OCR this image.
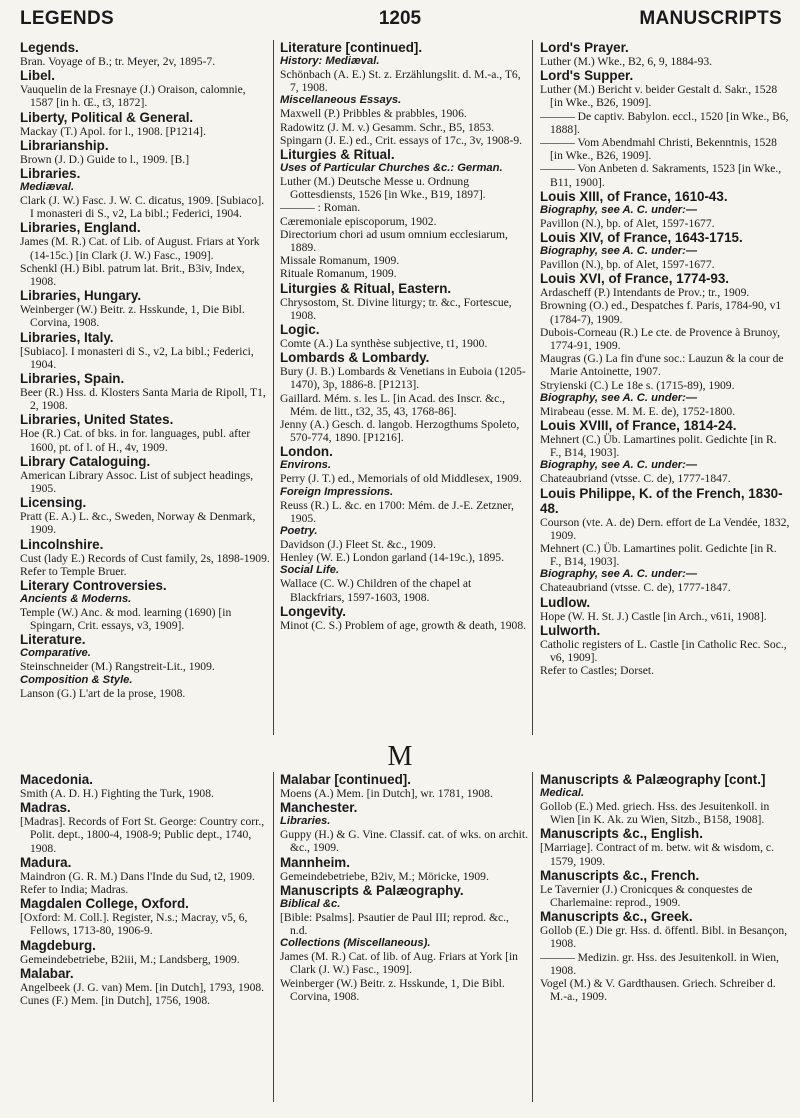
LEGENDS	1205	MANUSCRIPTS

Legends.

Bran. Voyage of B.; tr. Meyer, 2v, 1895-7.

Libel.

Vauquelin de la Fresnaye (J.) Oraison, calomnie, 1587 [in h. Œ., t3, 1872].

Liberty, Political & General.

Mackay (T.) Apol. for l., 1908. [P1214].

Librarianship.

Brown (J. D.) Guide to l., 1909. [B.]

Libraries.

Mediæval.

Clark (J. W.) Fasc. J. W. C. dicatus, 1909. [Subiaco]. I monasteri di S., v2, La bibl.; Federici, 1904.

Libraries, England.

James (M. R.) Cat. of Lib. of August. Friars at York (14-15c.) [in Clark (J. W.) Fasc., 1909].

Schenkl (H.) Bibl. patrum lat. Brit., B3iv, Index, 1908.

Libraries, Hungary.

Weinberger (W.) Beitr. z. Hsskunde, 1, Die Bibl. Corvina, 1908.

Libraries, Italy.

[Subiaco]. I monasteri di S., v2, La bibl.; Federici, 1904.

Libraries, Spain.

Beer (R.) Hss. d. Klosters Santa Maria de Ripoll, T1, 2, 1908.

Libraries, United States.

Hoe (R.) Cat. of bks. in for. languages, publ. after 1600, pt. of l. of H., 4v, 1909.

Library Cataloguing.

American Library Assoc. List of subject headings, 1905.

Licensing.

Pratt (E. A.) L. &c., Sweden, Norway & Denmark, 1909.

Lincolnshire.

Cust (lady E.) Records of Cust family, 2s, 1898-1909.

Refer to Temple Bruer.

Literary Controversies.

Ancients & Moderns.

Temple (W.) Anc. & mod. learning (1690) [in Spingarn, Crit. essays, v3, 1909].

Literature.

Comparative.

Steinschneider (M.) Rangstreit-Lit., 1909.

Composition & Style.

Lanson (G.) L'art de la prose, 1908.

Literature [continued].

History: Mediæval.

Schönbach (A. E.) St. z. Erzählungslit. d. M.-a., T6, 7, 1908.

Miscellaneous Essays.

Maxwell (P.) Pribbles & prabbles, 1906.

Radowitz (J. M. v.) Gesamm. Schr., B5, 1853.

Spingarn (J. E.) ed., Crit. essays of 17c., 3v, 1908-9.

Liturgies & Ritual.

Uses of Particular Churches &c.: German.

Luther (M.) Deutsche Messe u. Ordnung Gottesdiensts, 1526 [in Wke., B19, 1897].

——— : Roman.

Cæremoniale episcoporum, 1902.

Directorium chori ad usum omnium ecclesiarum, 1889.

Missale Romanum, 1909.

Rituale Romanum, 1909.

Liturgies & Ritual, Eastern.

Chrysostom, St. Divine liturgy; tr. &c., Fortescue, 1908.

Logic.

Comte (A.) La synthèse subjective, t1, 1900.

Lombards & Lombardy.

Bury (J. B.) Lombards & Venetians in Euboia (1205-1470), 3p, 1886-8. [P1213].

Gaillard. Mém. s. les L. [in Acad. des Inscr. &c., Mém. de litt., t32, 35, 43, 1768-86].

Jenny (A.) Gesch. d. langob. Herzogthums Spoleto, 570-774, 1890. [P1216].

London.

Environs.

Perry (J. T.) ed., Memorials of old Middlesex, 1909.

Foreign Impressions.

Reuss (R.) L. &c. en 1700: Mém. de J.-E. Zetzner, 1905.

Poetry.

Davidson (J.) Fleet St. &c., 1909.

Henley (W. E.) London garland (14-19c.), 1895.

Social Life.

Wallace (C. W.) Children of the chapel at Blackfriars, 1597-1603, 1908.

Longevity.

Minot (C. S.) Problem of age, growth & death, 1908.

Lord's Prayer.

Luther (M.) Wke., B2, 6, 9, 1884-93.

Lord's Supper.

Luther (M.) Bericht v. beider Gestalt d. Sakr., 1528 [in Wke., B26, 1909].

——— De captiv. Babylon. eccl., 1520 [in Wke., B6, 1888].

——— Vom Abendmahl Christi, Bekenntnis, 1528 [in Wke., B26, 1909].

——— Von Anbeten d. Sakraments, 1523 [in Wke., B11, 1900].

Louis XIII, of France, 1610-43.

Biography, see A. C. under:—

Pavillon (N.), bp. of Alet, 1597-1677.

Louis XIV, of France, 1643-1715.

Biography, see A. C. under:—

Pavillon (N.), bp. of Alet, 1597-1677.

Louis XVI, of France, 1774-93.

Ardascheff (P.) Intendants de Prov.; tr., 1909.

Browning (O.) ed., Despatches f. Paris, 1784-90, v1 (1784-7), 1909.

Dubois-Corneau (R.) Le cte. de Provence à Brunoy, 1774-91, 1909.

Maugras (G.) La fin d'une soc.: Lauzun & la cour de Marie Antoinette, 1907.

Stryienski (C.) Le 18e s. (1715-89), 1909.

Biography, see A. C. under:—

Mirabeau (esse. M. M. E. de), 1752-1800.

Louis XVIII, of France, 1814-24.

Mehnert (C.) Üb. Lamartines polit. Gedichte [in R. F., B14, 1903].

Biography, see A. C. under:—

Chateaubriand (vtsse. C. de), 1777-1847.

Louis Philippe, K. of the French, 1830-48.

Courson (vte. A. de) Dern. effort de La Vendée, 1832, 1909.

Mehnert (C.) Üb. Lamartines polit. Gedichte [in R. F., B14, 1903].

Biography, see A. C. under:—

Chateaubriand (vtsse. C. de), 1777-1847.

Ludlow.

Hope (W. H. St. J.) Castle [in Arch., v61i, 1908].

Lulworth.

Catholic registers of L. Castle [in Catholic Rec. Soc., v6, 1909].

Refer to Castles; Dorset.

M

Macedonia.

Smith (A. D. H.) Fighting the Turk, 1908.

Madras.

[Madras]. Records of Fort St. George: Country corr., Polit. dept., 1800-4, 1908-9; Public dept., 1740, 1908.

Madura.

Maindron (G. R. M.) Dans l'Inde du Sud, t2, 1909.

Refer to India; Madras.

Magdalen College, Oxford.

[Oxford: M. Coll.]. Register, N.s.; Macray, v5, 6, Fellows, 1713-80, 1906-9.

Magdeburg.

Gemeindebetriebe, B2iii, M.; Landsberg, 1909.

Malabar.

Angelbeek (J. G. van) Mem. [in Dutch], 1793, 1908.

Cunes (F.) Mem. [in Dutch], 1756, 1908.

Malabar [continued].

Moens (A.) Mem. [in Dutch], wr. 1781, 1908.

Manchester.

Libraries.

Guppy (H.) & G. Vine. Classif. cat. of wks. on archit. &c., 1909.

Mannheim.

Gemeindebetriebe, B2iv, M.; Möricke, 1909.

Manuscripts & Palæography.

Biblical &c.

[Bible: Psalms]. Psautier de Paul III; reprod. &c., n.d.

Collections (Miscellaneous).

James (M. R.) Cat. of lib. of Aug. Friars at York [in Clark (J. W.) Fasc., 1909].

Weinberger (W.) Beitr. z. Hsskunde, 1, Die Bibl. Corvina, 1908.

Manuscripts & Palæography [cont.]

Medical.

Gollob (E.) Med. griech. Hss. des Jesuitenkoll. in Wien [in K. Ak. zu Wien, Sitzb., B158, 1908].

Manuscripts &c., English.

[Marriage]. Contract of m. betw. wit & wisdom, c. 1579, 1909.

Manuscripts &c., French.

Le Tavernier (J.) Cronicques & conquestes de Charlemaine: reprod., 1909.

Manuscripts &c., Greek.

Gollob (E.) Die gr. Hss. d. öffentl. Bibl. in Besançon, 1908.

——— Medizin. gr. Hss. des Jesuitenkoll. in Wien, 1908.

Vogel (M.) & V. Gardthausen. Griech. Schreiber d. M.-a., 1909.
